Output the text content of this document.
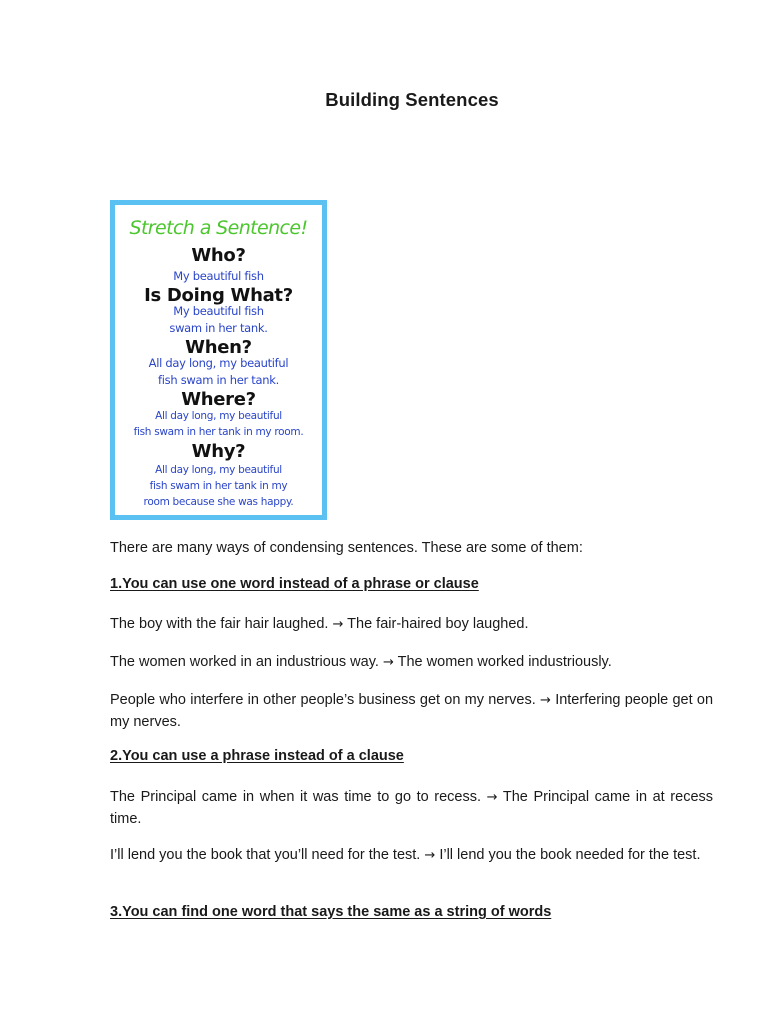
Building Sentences
Stretch a Sentence!
Who?
My beautiful fish
Is Doing What?
My beautiful fish
swam in her tank.
When?
All day long, my beautiful
fish swam in her tank.
Where?
All day long, my beautiful
fish swam in her tank in my room.
Why?
All day long, my beautiful
fish swam in her tank in my
room because she was happy.

There are many ways of condensing sentences. These are some of them:

1.You can use one word instead of a phrase or clause

The boy with the fair hair laughed. → The fair-haired boy laughed.

The women worked in an industrious way. → The women worked industriously.

People who interfere in other people’s business get on my nerves. → Interfering people get on my nerves.

2.You can use a phrase instead of a clause

The Principal came in when it was time to go to recess. → The Principal came in at recess time.

I’ll lend you the book that you’ll need for the test. → I’ll lend you the book needed for the test.

3.You can find one word that says the same as a string of words
